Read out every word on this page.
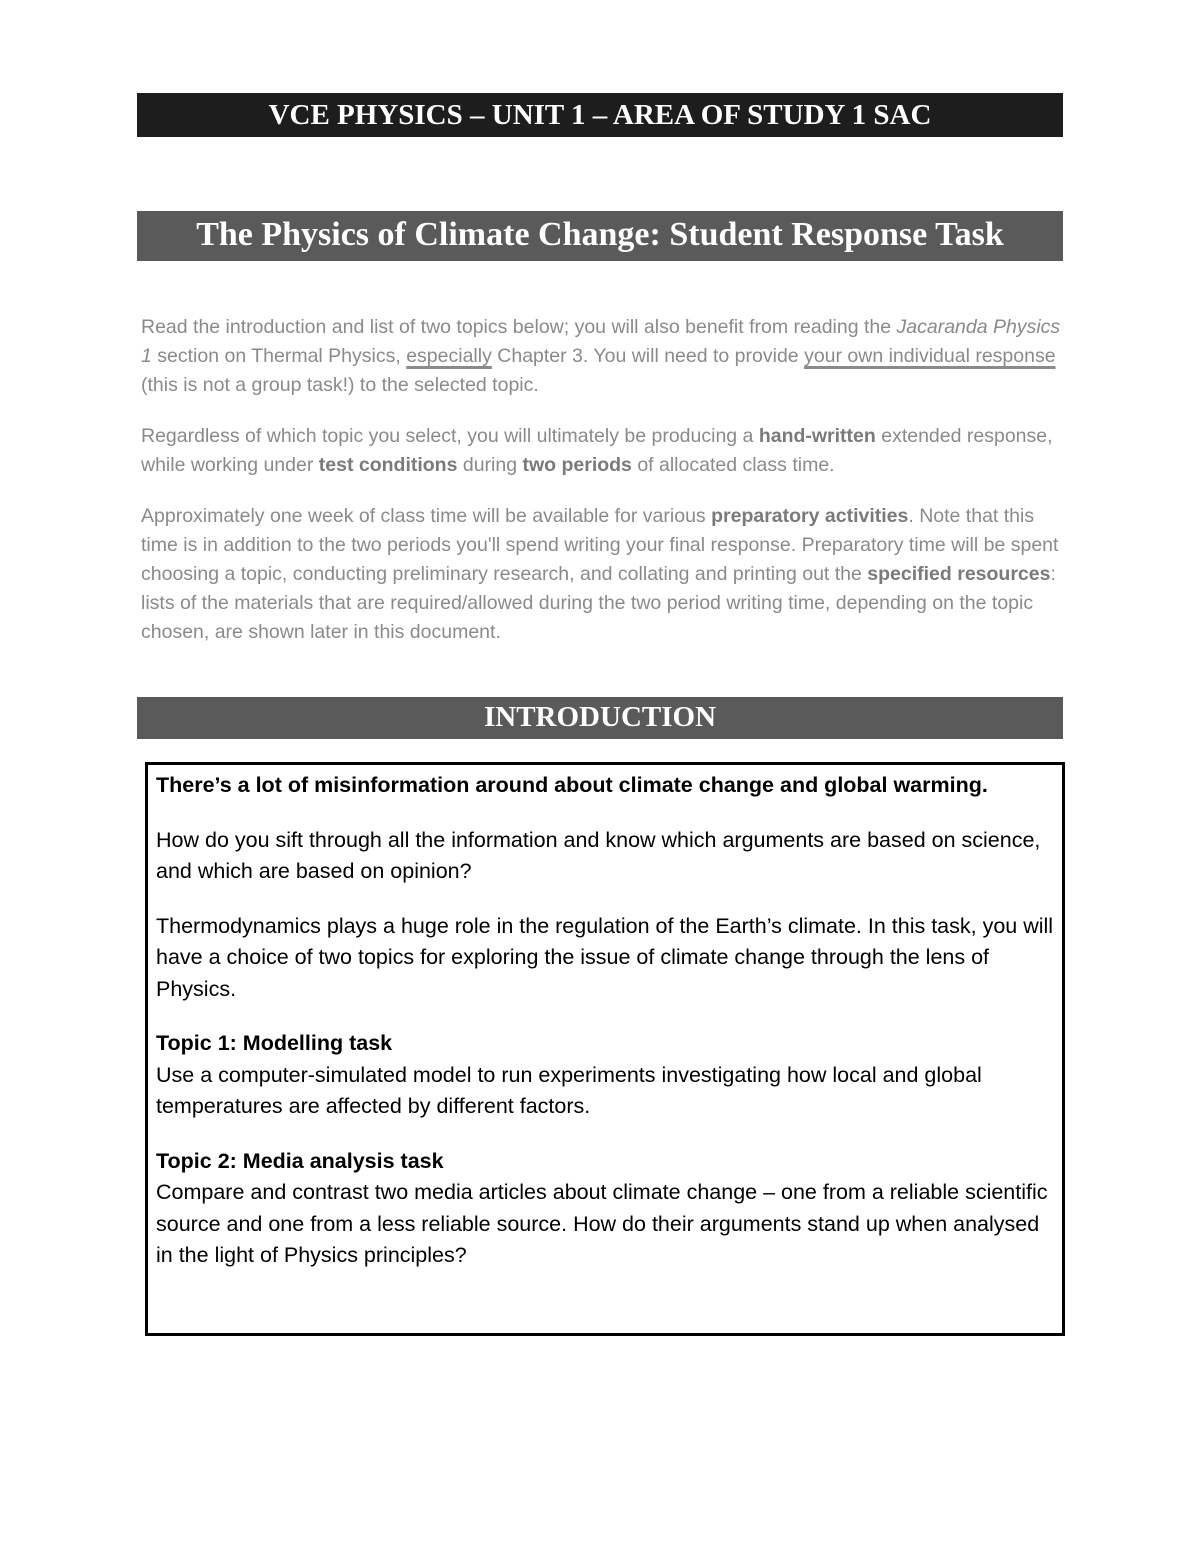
VCE PHYSICS – UNIT 1 – AREA OF STUDY 1 SAC
The Physics of Climate Change: Student Response Task

Read the introduction and list of two topics below; you will also benefit from reading the Jacaranda Physics 1 section on Thermal Physics, especially Chapter 3. You will need to provide your own individual response (this is not a group task!) to the selected topic.

Regardless of which topic you select, you will ultimately be producing a hand-written extended response, while working under test conditions during two periods of allocated class time.

Approximately one week of class time will be available for various preparatory activities. Note that this time is in addition to the two periods you'll spend writing your final response. Preparatory time will be spent choosing a topic, conducting preliminary research, and collating and printing out the specified resources: lists of the materials that are required/allowed during the two period writing time, depending on the topic chosen, are shown later in this document.

INTRODUCTION

There’s a lot of misinformation around about climate change and global warming.

How do you sift through all the information and know which arguments are based on science, and which are based on opinion?

Thermodynamics plays a huge role in the regulation of the Earth’s climate. In this task, you will have a choice of two topics for exploring the issue of climate change through the lens of Physics.

Topic 1: Modelling task
Use a computer-simulated model to run experiments investigating how local and global temperatures are affected by different factors.

Topic 2: Media analysis task
Compare and contrast two media articles about climate change – one from a reliable scientific source and one from a less reliable source. How do their arguments stand up when analysed in the light of Physics principles?
